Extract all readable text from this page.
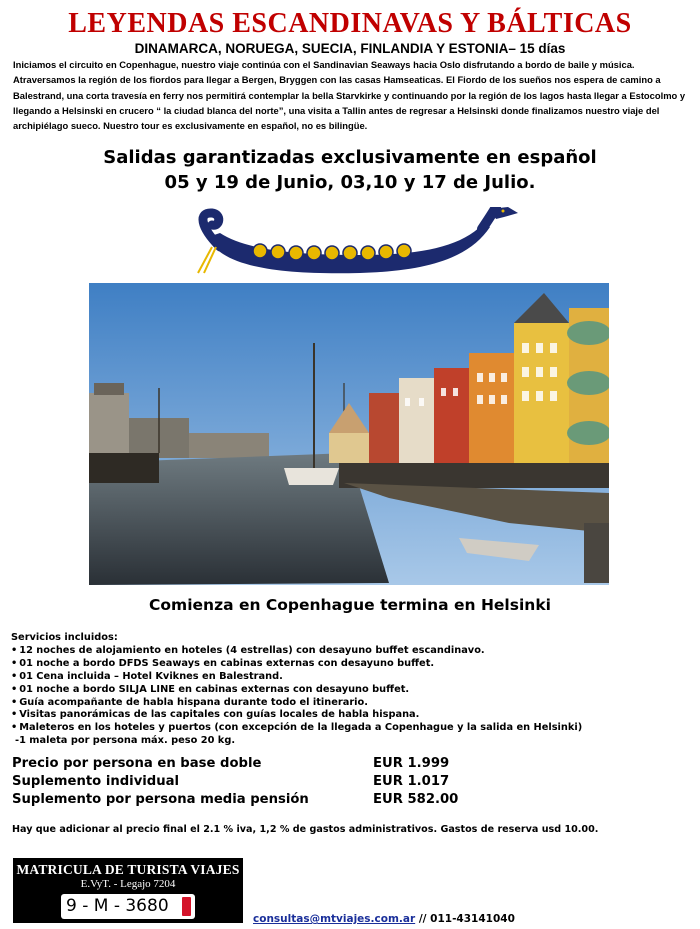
LEYENDAS ESCANDINAVAS Y BÁLTICAS
DINAMARCA, NORUEGA, SUECIA, FINLANDIA Y ESTONIA– 15 días
Iniciamos el circuito en Copenhague, nuestro viaje continúa con el Sandinavian Seaways hacia Oslo disfrutando a bordo de baile y música. Atraversamos la región de los fiordos para llegar a Bergen, Bryggen con las casas Hamseaticas. El Fiordo de los sueños nos espera de camino a Balestrand, una corta travesía en ferry nos permitirá contemplar la bella Starvkirke y continuando por la región de los lagos hasta llegar a Estocolmo y llegando a Helsinski en crucero “ la ciudad blanca del norte”, una visita a Tallin antes de regresar a Helsinski donde finalizamos nuestro viaje del archipiélago sueco. Nuestro tour es exclusivamente en español, no es bilingüe.
Salidas garantizadas exclusivamente en español
05 y 19 de Junio, 03,10 y 17 de Julio.
Comienza en Copenhague termina en Helsinki
Servicios incluidos:
• 12 noches de alojamiento en hoteles (4 estrellas) con desayuno buffet escandinavo.
• 01 noche a bordo DFDS Seaways en cabinas externas con desayuno buffet.
• 01 Cena incluida – Hotel Kviknes en Balestrand.
• 01 noche a bordo SILJA LINE en cabinas externas con desayuno buffet.
• Guía acompañante de habla hispana durante todo el itinerario.
• Visitas panorámicas de las capitales con guías locales de habla hispana.
• Maleteros en los hoteles y puertos (con excepción de la llegada a Copenhague y la salida en Helsinki)
-1 maleta por persona máx. peso 20 kg.
Precio por persona en base doble	EUR 1.999
Suplemento individual	EUR 1.017
Suplemento por persona media pensión	EUR 582.00
Hay que adicionar al precio final el 2.1 % iva, 1,2 % de gastos administrativos. Gastos de reserva usd 10.00.
MATRICULA DE TURISTA VIAJES
E.VyT. - Legajo 7204
9 - M - 3680
consultas@mtviajes.com.ar // 011-43141040
